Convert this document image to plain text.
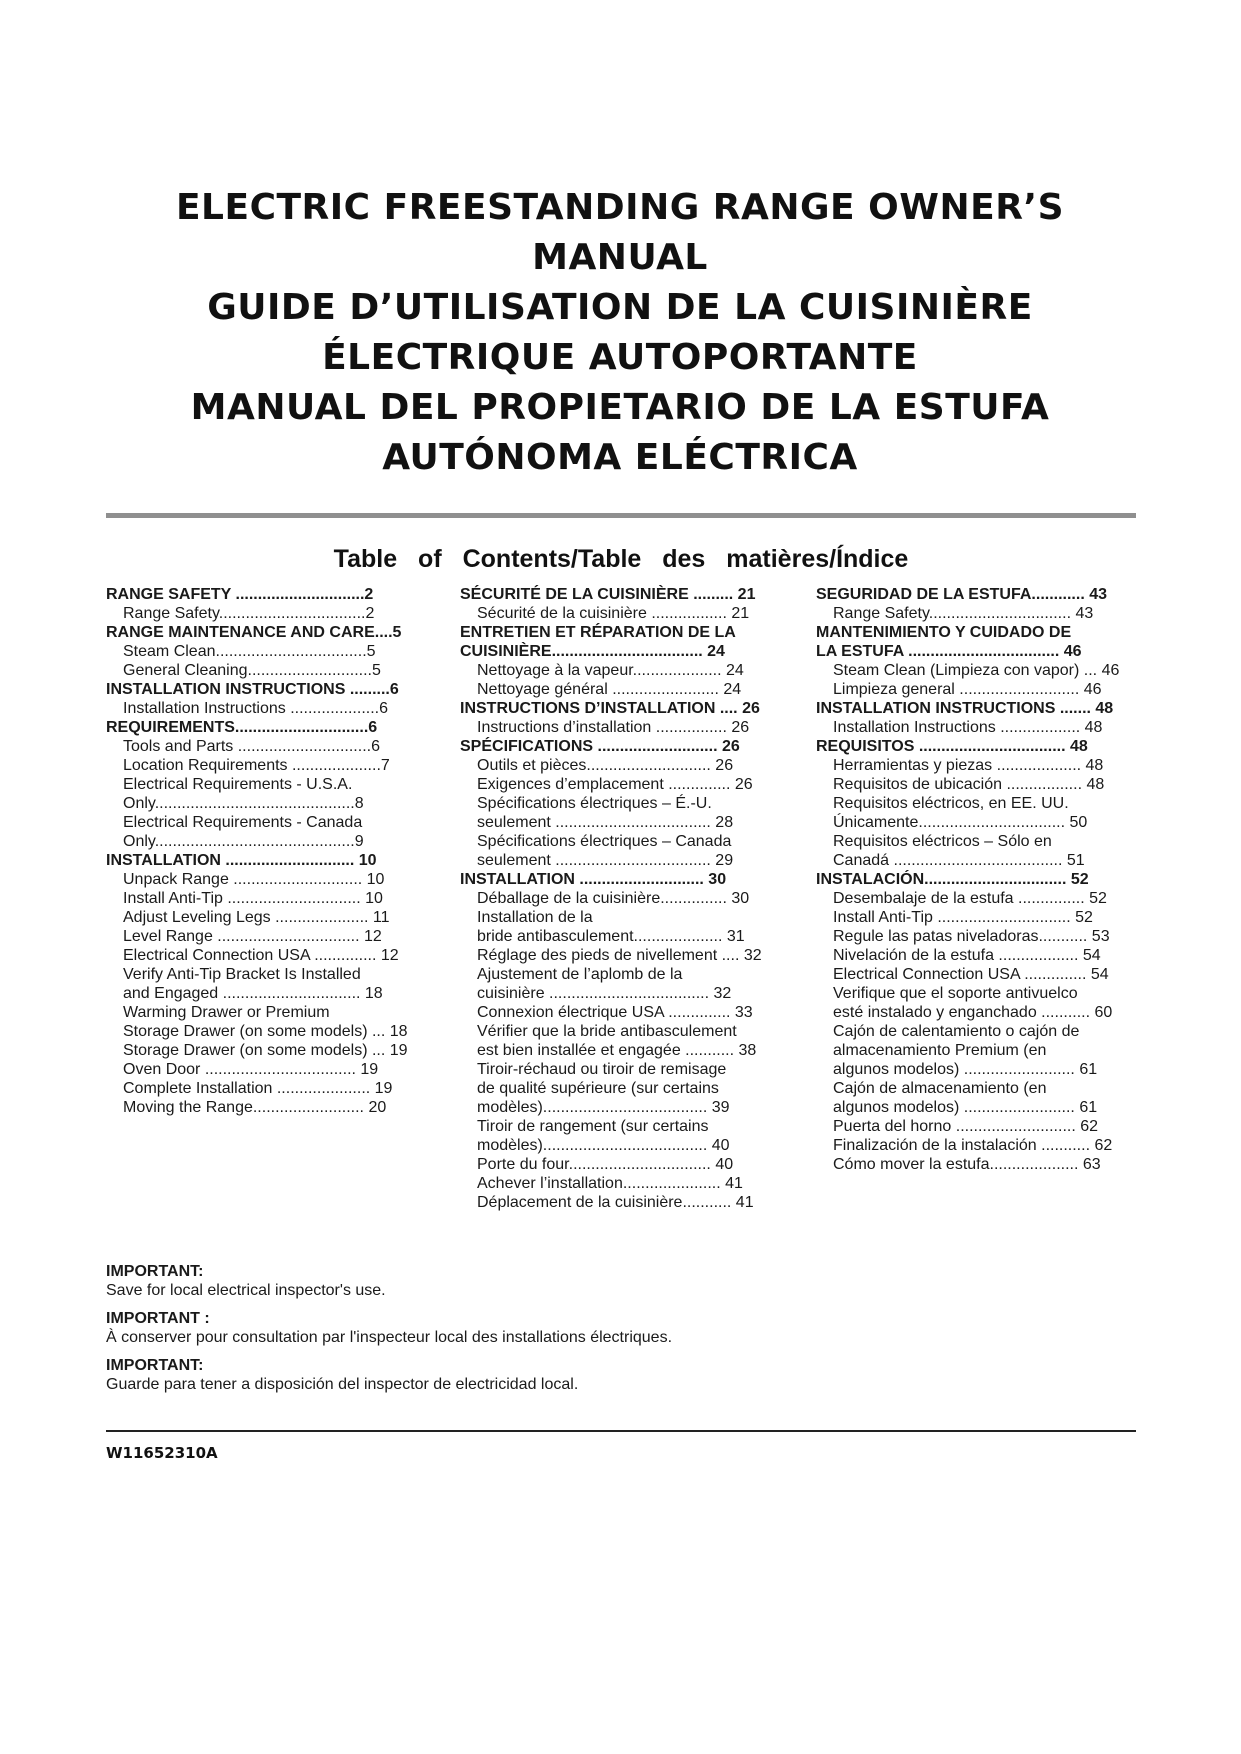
ELECTRIC FREESTANDING RANGE OWNER’S
MANUAL
GUIDE D’UTILISATION DE LA CUISINIÈRE
ÉLECTRIQUE AUTOPORTANTE
MANUAL DEL PROPIETARIO DE LA ESTUFA
AUTÓNOMA ELÉCTRICA
Table of Contents/Table des matières/Índice
RANGE SAFETY .............................2
Range Safety.................................2
RANGE MAINTENANCE AND CARE....5
Steam Clean..................................5
General Cleaning............................5
INSTALLATION INSTRUCTIONS .........6
Installation Instructions ....................6
REQUIREMENTS..............................6
Tools and Parts ..............................6
Location Requirements ....................7
Electrical Requirements - U.S.A.
Only.............................................8
Electrical Requirements - Canada
Only.............................................9
INSTALLATION ............................. 10
Unpack Range ............................. 10
Install Anti-Tip .............................. 10
Adjust Leveling Legs ..................... 11
Level Range ................................ 12
Electrical Connection USA .............. 12
Verify Anti-Tip Bracket Is Installed
and Engaged ............................... 18
Warming Drawer or Premium
Storage Drawer (on some models) ... 18
Storage Drawer (on some models) ... 19
Oven Door .................................. 19
Complete Installation ..................... 19
Moving the Range......................... 20
SÉCURITÉ DE LA CUISINIÈRE ......... 21
Sécurité de la cuisinière ................. 21
ENTRETIEN ET RÉPARATION DE LA
CUISINIÈRE.................................. 24
Nettoyage à la vapeur.................... 24
Nettoyage général ........................ 24
INSTRUCTIONS D’INSTALLATION .... 26
Instructions d’installation ................ 26
SPÉCIFICATIONS ........................... 26
Outils et pièces............................ 26
Exigences d’emplacement .............. 26
Spécifications électriques – É.-U.
seulement ................................... 28
Spécifications électriques – Canada
seulement ................................... 29
INSTALLATION ............................ 30
Déballage de la cuisinière............... 30
Installation de la
bride antibasculement.................... 31
Réglage des pieds de nivellement .... 32
Ajustement de l’aplomb de la
cuisinière .................................... 32
Connexion électrique USA .............. 33
Vérifier que la bride antibasculement
est bien installée et engagée ........... 38
Tiroir-réchaud ou tiroir de remisage
de qualité supérieure (sur certains
modèles)..................................... 39
Tiroir de rangement (sur certains
modèles)..................................... 40
Porte du four................................ 40
Achever l’installation...................... 41
Déplacement de la cuisinière........... 41
SEGURIDAD DE LA ESTUFA............ 43
Range Safety................................ 43
MANTENIMIENTO Y CUIDADO DE
LA ESTUFA .................................. 46
Steam Clean (Limpieza con vapor) ... 46
Limpieza general ........................... 46
INSTALLATION INSTRUCTIONS ....... 48
Installation Instructions .................. 48
REQUISITOS ................................. 48
Herramientas y piezas ................... 48
Requisitos de ubicación ................. 48
Requisitos eléctricos, en EE. UU.
Únicamente................................. 50
Requisitos eléctricos – Sólo en
Canadá ...................................... 51
INSTALACIÓN................................ 52
Desembalaje de la estufa ............... 52
Install Anti-Tip .............................. 52
Regule las patas niveladoras........... 53
Nivelación de la estufa .................. 54
Electrical Connection USA .............. 54
Verifique que el soporte antivuelco
esté instalado y enganchado ........... 60
Cajón de calentamiento o cajón de
almacenamiento Premium (en
algunos modelos) ......................... 61
Cajón de almacenamiento (en
algunos modelos) ......................... 61
Puerta del horno ........................... 62
Finalización de la instalación ........... 62
Cómo mover la estufa.................... 63
IMPORTANT:
Save for local electrical inspector's use.
IMPORTANT :
À conserver pour consultation par l'inspecteur local des installations électriques.
IMPORTANT:
Guarde para tener a disposición del inspector de electricidad local.
W11652310A
